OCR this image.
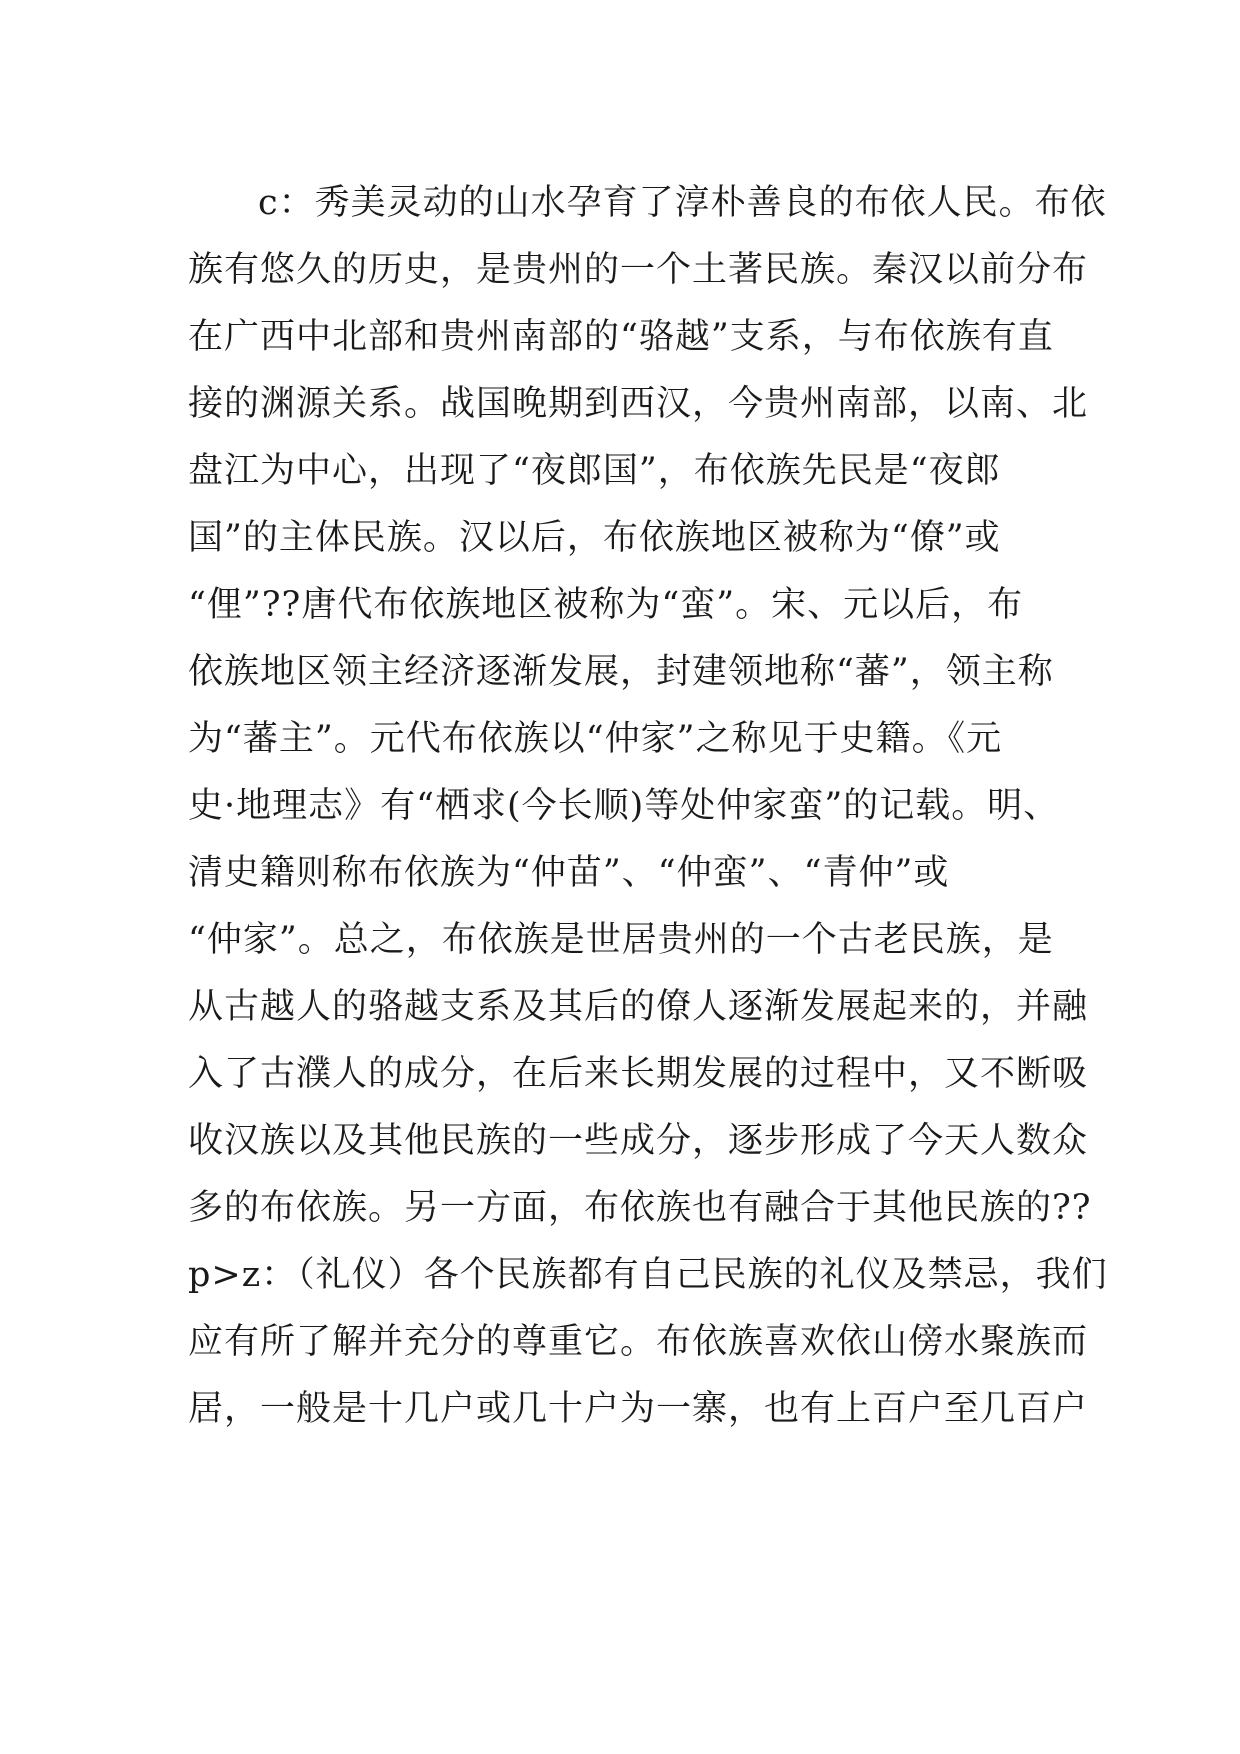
c：秀美灵动的山水孕育了淳朴善良的布依人民。布依
族有悠久的历史，是贵州的一个土著民族。秦汉以前分布
在广西中北部和贵州南部的“骆越”支系，与布依族有直
接的渊源关系。战国晚期到西汉，今贵州南部，以南、北
盘江为中心，出现了“夜郎国”，布依族先民是“夜郎
国”的主体民族。汉以后，布依族地区被称为“僚”或
“俚”??唐代布依族地区被称为“蛮”。宋、元以后，布
依族地区领主经济逐渐发展，封建领地称“蕃”，领主称
为“蕃主”。元代布依族以“仲家”之称见于史籍。《元
史·地理志》有“栖求(今长顺)等处仲家蛮”的记载。明、
清史籍则称布依族为“仲苗”、“仲蛮”、“青仲”或
“仲家”。总之，布依族是世居贵州的一个古老民族，是
从古越人的骆越支系及其后的僚人逐渐发展起来的，并融
入了古濮人的成分，在后来长期发展的过程中，又不断吸
收汉族以及其他民族的一些成分，逐步形成了今天人数众
多的布依族。另一方面，布依族也有融合于其他民族的??
p>z：（礼仪）各个民族都有自己民族的礼仪及禁忌，我们
应有所了解并充分的尊重它。布依族喜欢依山傍水聚族而
居，一般是十几户或几十户为一寨，也有上百户至几百户
